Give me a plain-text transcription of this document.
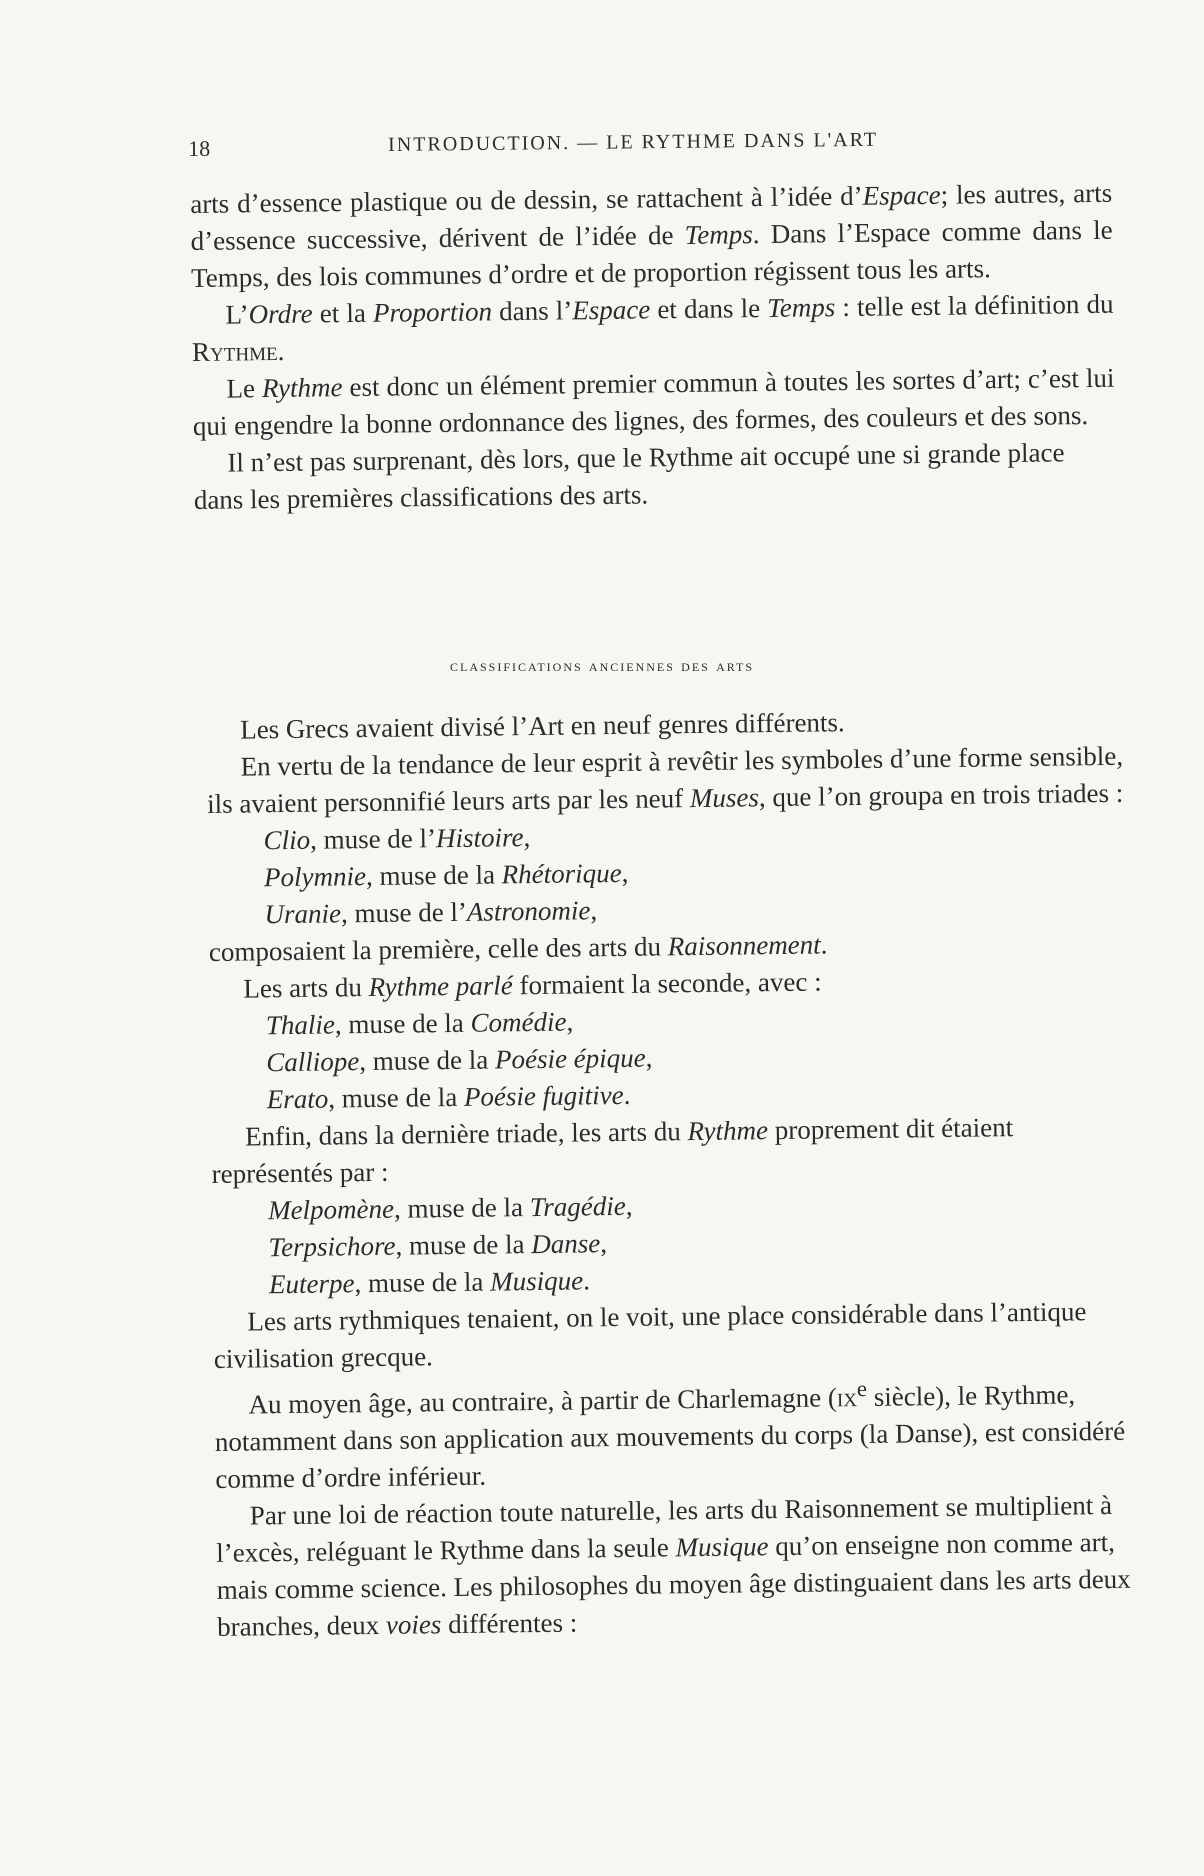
18	INTRODUCTION. — LE RYTHME DANS L'ART

arts d’essence plastique ou de dessin, se rattachent à l’idée d’Espace; les autres, arts d’essence successive, dérivent de l’idée de Temps. Dans l’Espace comme dans le Temps, des lois communes d’ordre et de proportion régissent tous les arts.

L’Ordre et la Proportion dans l’Espace et dans le Temps : telle est la définition du Rythme.

Le Rythme est donc un élément premier commun à toutes les sortes d’art; c’est lui qui engendre la bonne ordonnance des lignes, des formes, des couleurs et des sons.

Il n’est pas surprenant, dès lors, que le Rythme ait occupé une si grande place dans les premières classifications des arts.

classifications anciennes des arts

Les Grecs avaient divisé l’Art en neuf genres différents.

En vertu de la tendance de leur esprit à revêtir les symboles d’une forme sensible, ils avaient personnifié leurs arts par les neuf Muses, que l’on groupa en trois triades :

Clio, muse de l’Histoire,

Polymnie, muse de la Rhétorique,

Uranie, muse de l’Astronomie,

composaient la première, celle des arts du Raisonnement.

Les arts du Rythme parlé formaient la seconde, avec :

Thalie, muse de la Comédie,

Calliope, muse de la Poésie épique,

Erato, muse de la Poésie fugitive.

Enfin, dans la dernière triade, les arts du Rythme proprement dit étaient représentés par :

Melpomène, muse de la Tragédie,

Terpsichore, muse de la Danse,

Euterpe, muse de la Musique.

Les arts rythmiques tenaient, on le voit, une place considérable dans l’antique civilisation grecque.

Au moyen âge, au contraire, à partir de Charlemagne ($ix^e$ siècle), le Rythme, notamment dans son application aux mouvements du corps (la Danse), est considéré comme d’ordre inférieur.

Par une loi de réaction toute naturelle, les arts du Raisonnement se multiplient à l’excès, reléguant le Rythme dans la seule Musique qu’on enseigne non comme art, mais comme science. Les philosophes du moyen âge distinguaient dans les arts deux branches, deux voies différentes :
